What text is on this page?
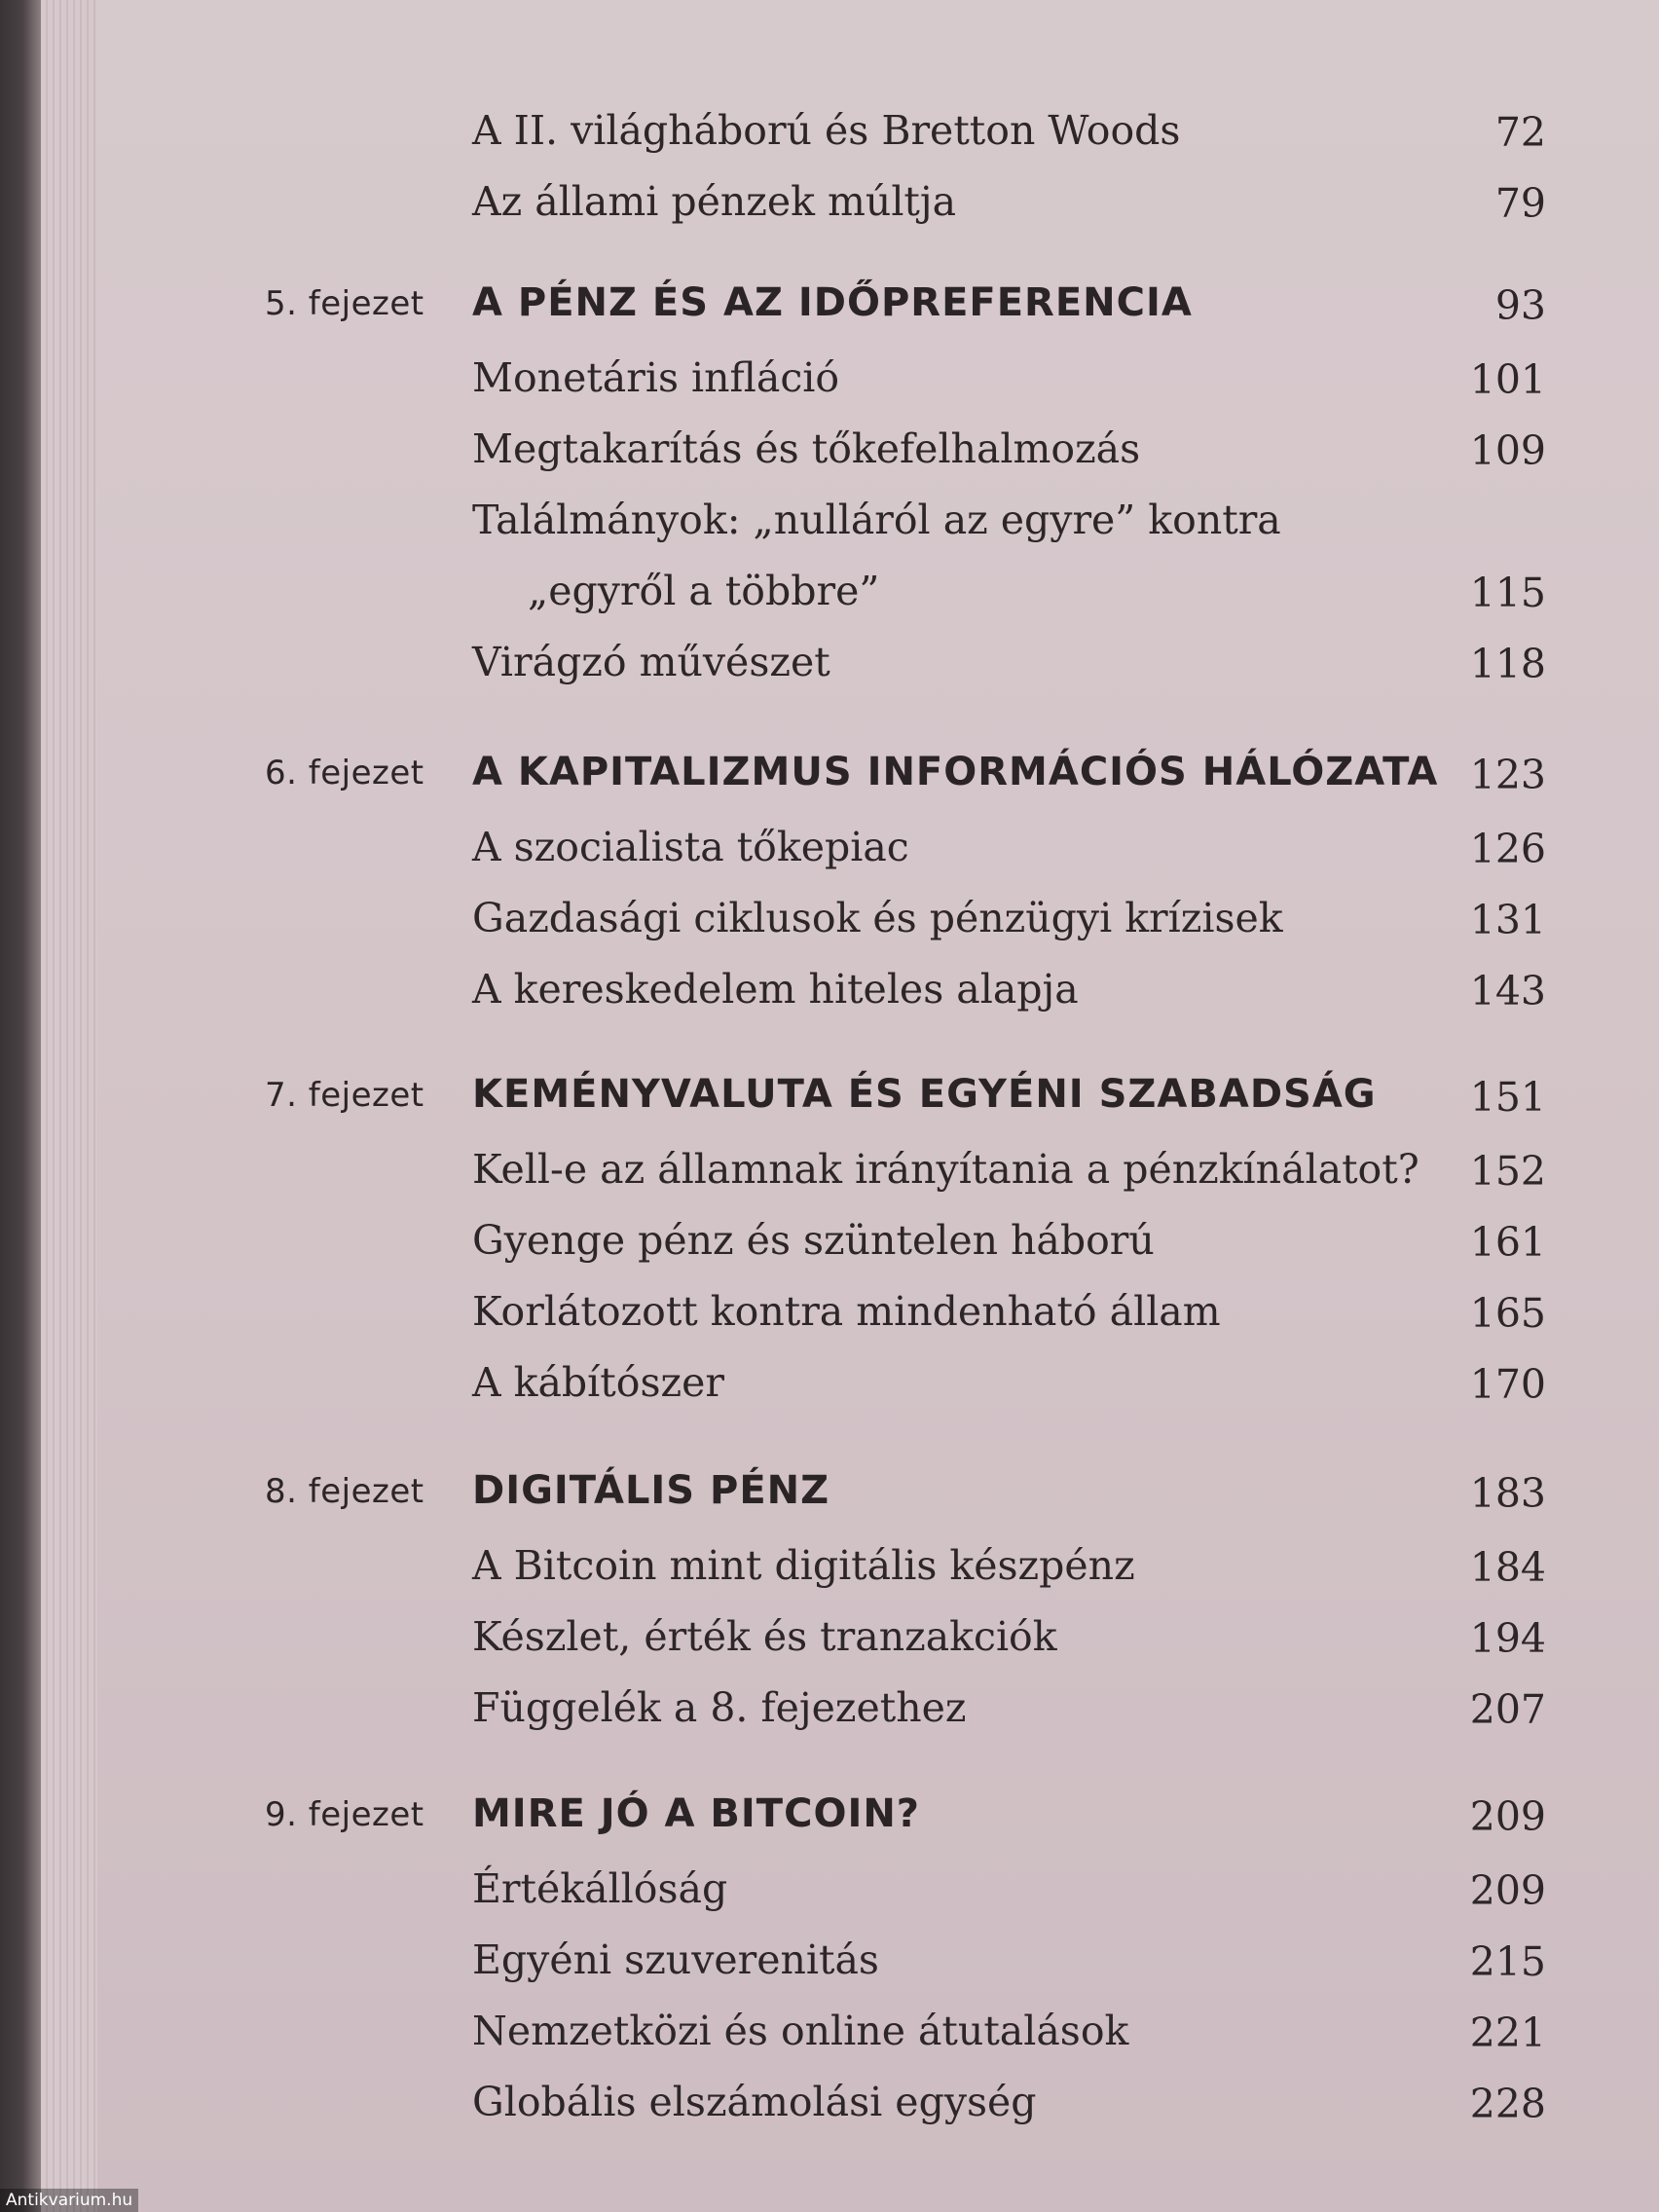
A II. világháború és Bretton Woods	72
Az állami pénzek múltja	79
5. fejezet A PÉNZ ÉS AZ IDŐPREFERENCIA	93
Monetáris infláció	101
Megtakarítás és tőkefelhalmozás	109
Találmányok: „nulláról az egyre” kontra
„egyről a többre”	115
Virágzó művészet	118
6. fejezet A KAPITALIZMUS INFORMÁCIÓS HÁLÓZATA 123
A szocialista tőkepiac	126
Gazdasági ciklusok és pénzügyi krízisek	131
A kereskedelem hiteles alapja	143
7. fejezet KEMÉNYVALUTA ÉS EGYÉNI SZABADSÁG 151
Kell-e az államnak irányítania a pénzkínálatot? 152
Gyenge pénz és szüntelen háború	161
Korlátozott kontra mindenható állam	165
A kábítószer	170
8. fejezet DIGITÁLIS PÉNZ	183
A Bitcoin mint digitális készpénz	184
Készlet, érték és tranzakciók	194
Függelék a 8. fejezethez	207
9. fejezet MIRE JÓ A BITCOIN?	209
Értékállóság	209
Egyéni szuverenitás	215
Nemzetközi és online átutalások	221
Globális elszámolási egység	228
Antikvarium.hu
